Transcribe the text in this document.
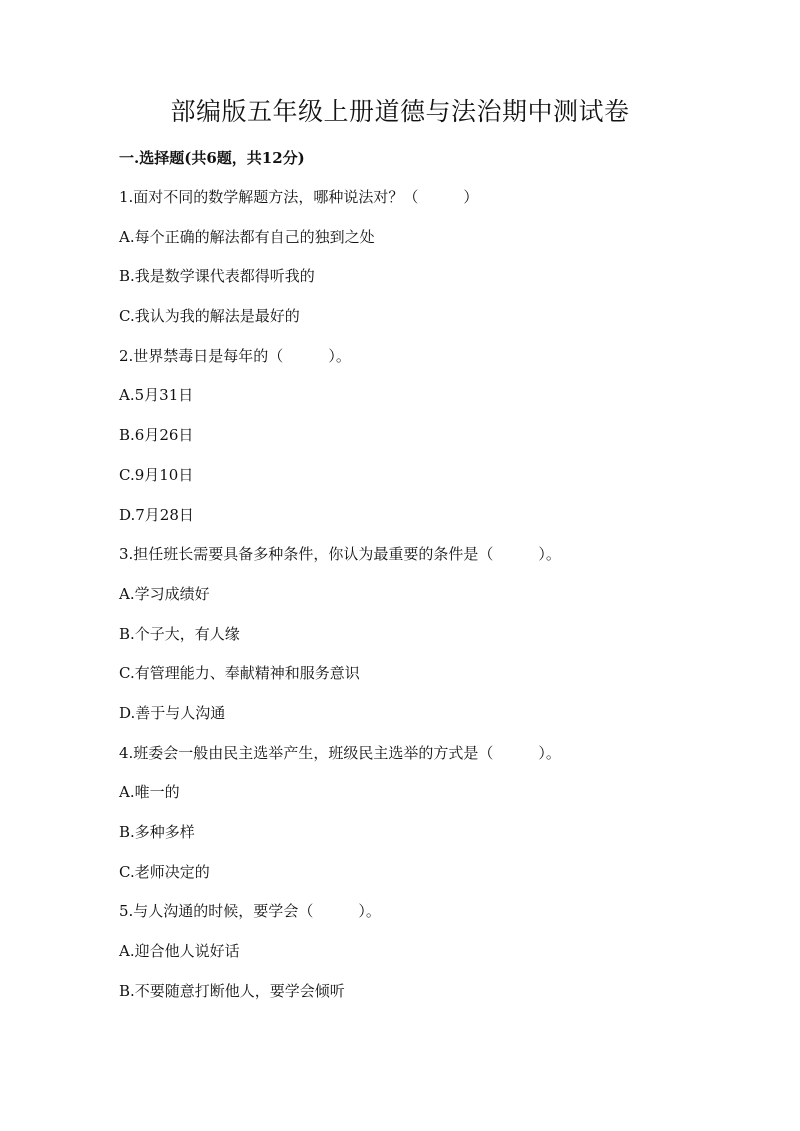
部编版五年级上册道德与法治期中测试卷
一.选择题(共6题，共12分)
1.面对不同的数学解题方法，哪种说法对？（　　　）
A.每个正确的解法都有自己的独到之处
B.我是数学课代表都得听我的
C.我认为我的解法是最好的
2.世界禁毒日是每年的（　　　）。
A.5月31日
B.6月26日
C.9月10日
D.7月28日
3.担任班长需要具备多种条件，你认为最重要的条件是（　　　）。
A.学习成绩好
B.个子大，有人缘
C.有管理能力、奉献精神和服务意识
D.善于与人沟通
4.班委会一般由民主选举产生，班级民主选举的方式是（　　　）。
A.唯一的
B.多种多样
C.老师决定的
5.与人沟通的时候，要学会（　　　）。
A.迎合他人说好话
B.不要随意打断他人，要学会倾听
